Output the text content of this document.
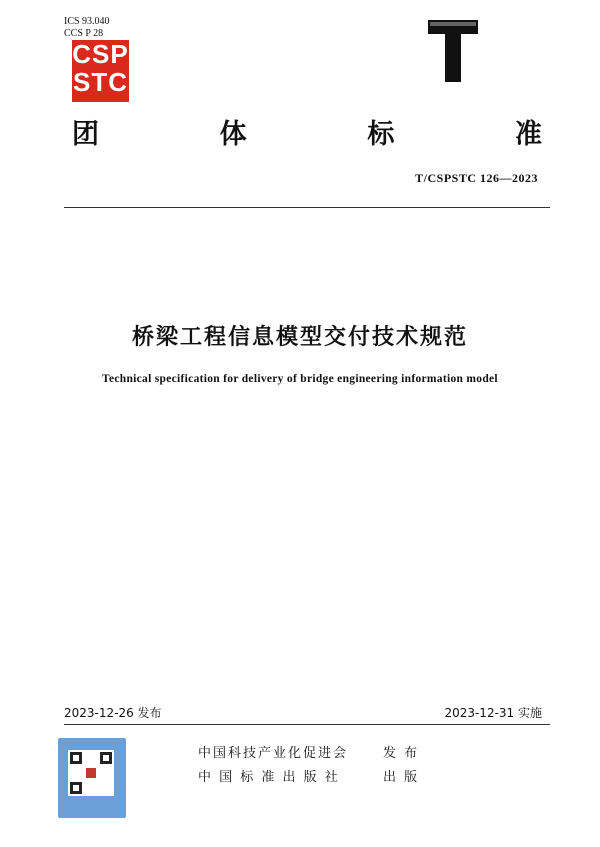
ICS 93.040
CCS P 28
CSP
STC
团	体	标	准
T/CSPSTC 126—2023
桥梁工程信息模型交付技术规范
Technical specification for delivery of bridge engineering information model
2023-12-26 发布	2023-12-31 实施
中国科技产业化促进会	发 布
中 国 标 准 出 版 社	出 版
